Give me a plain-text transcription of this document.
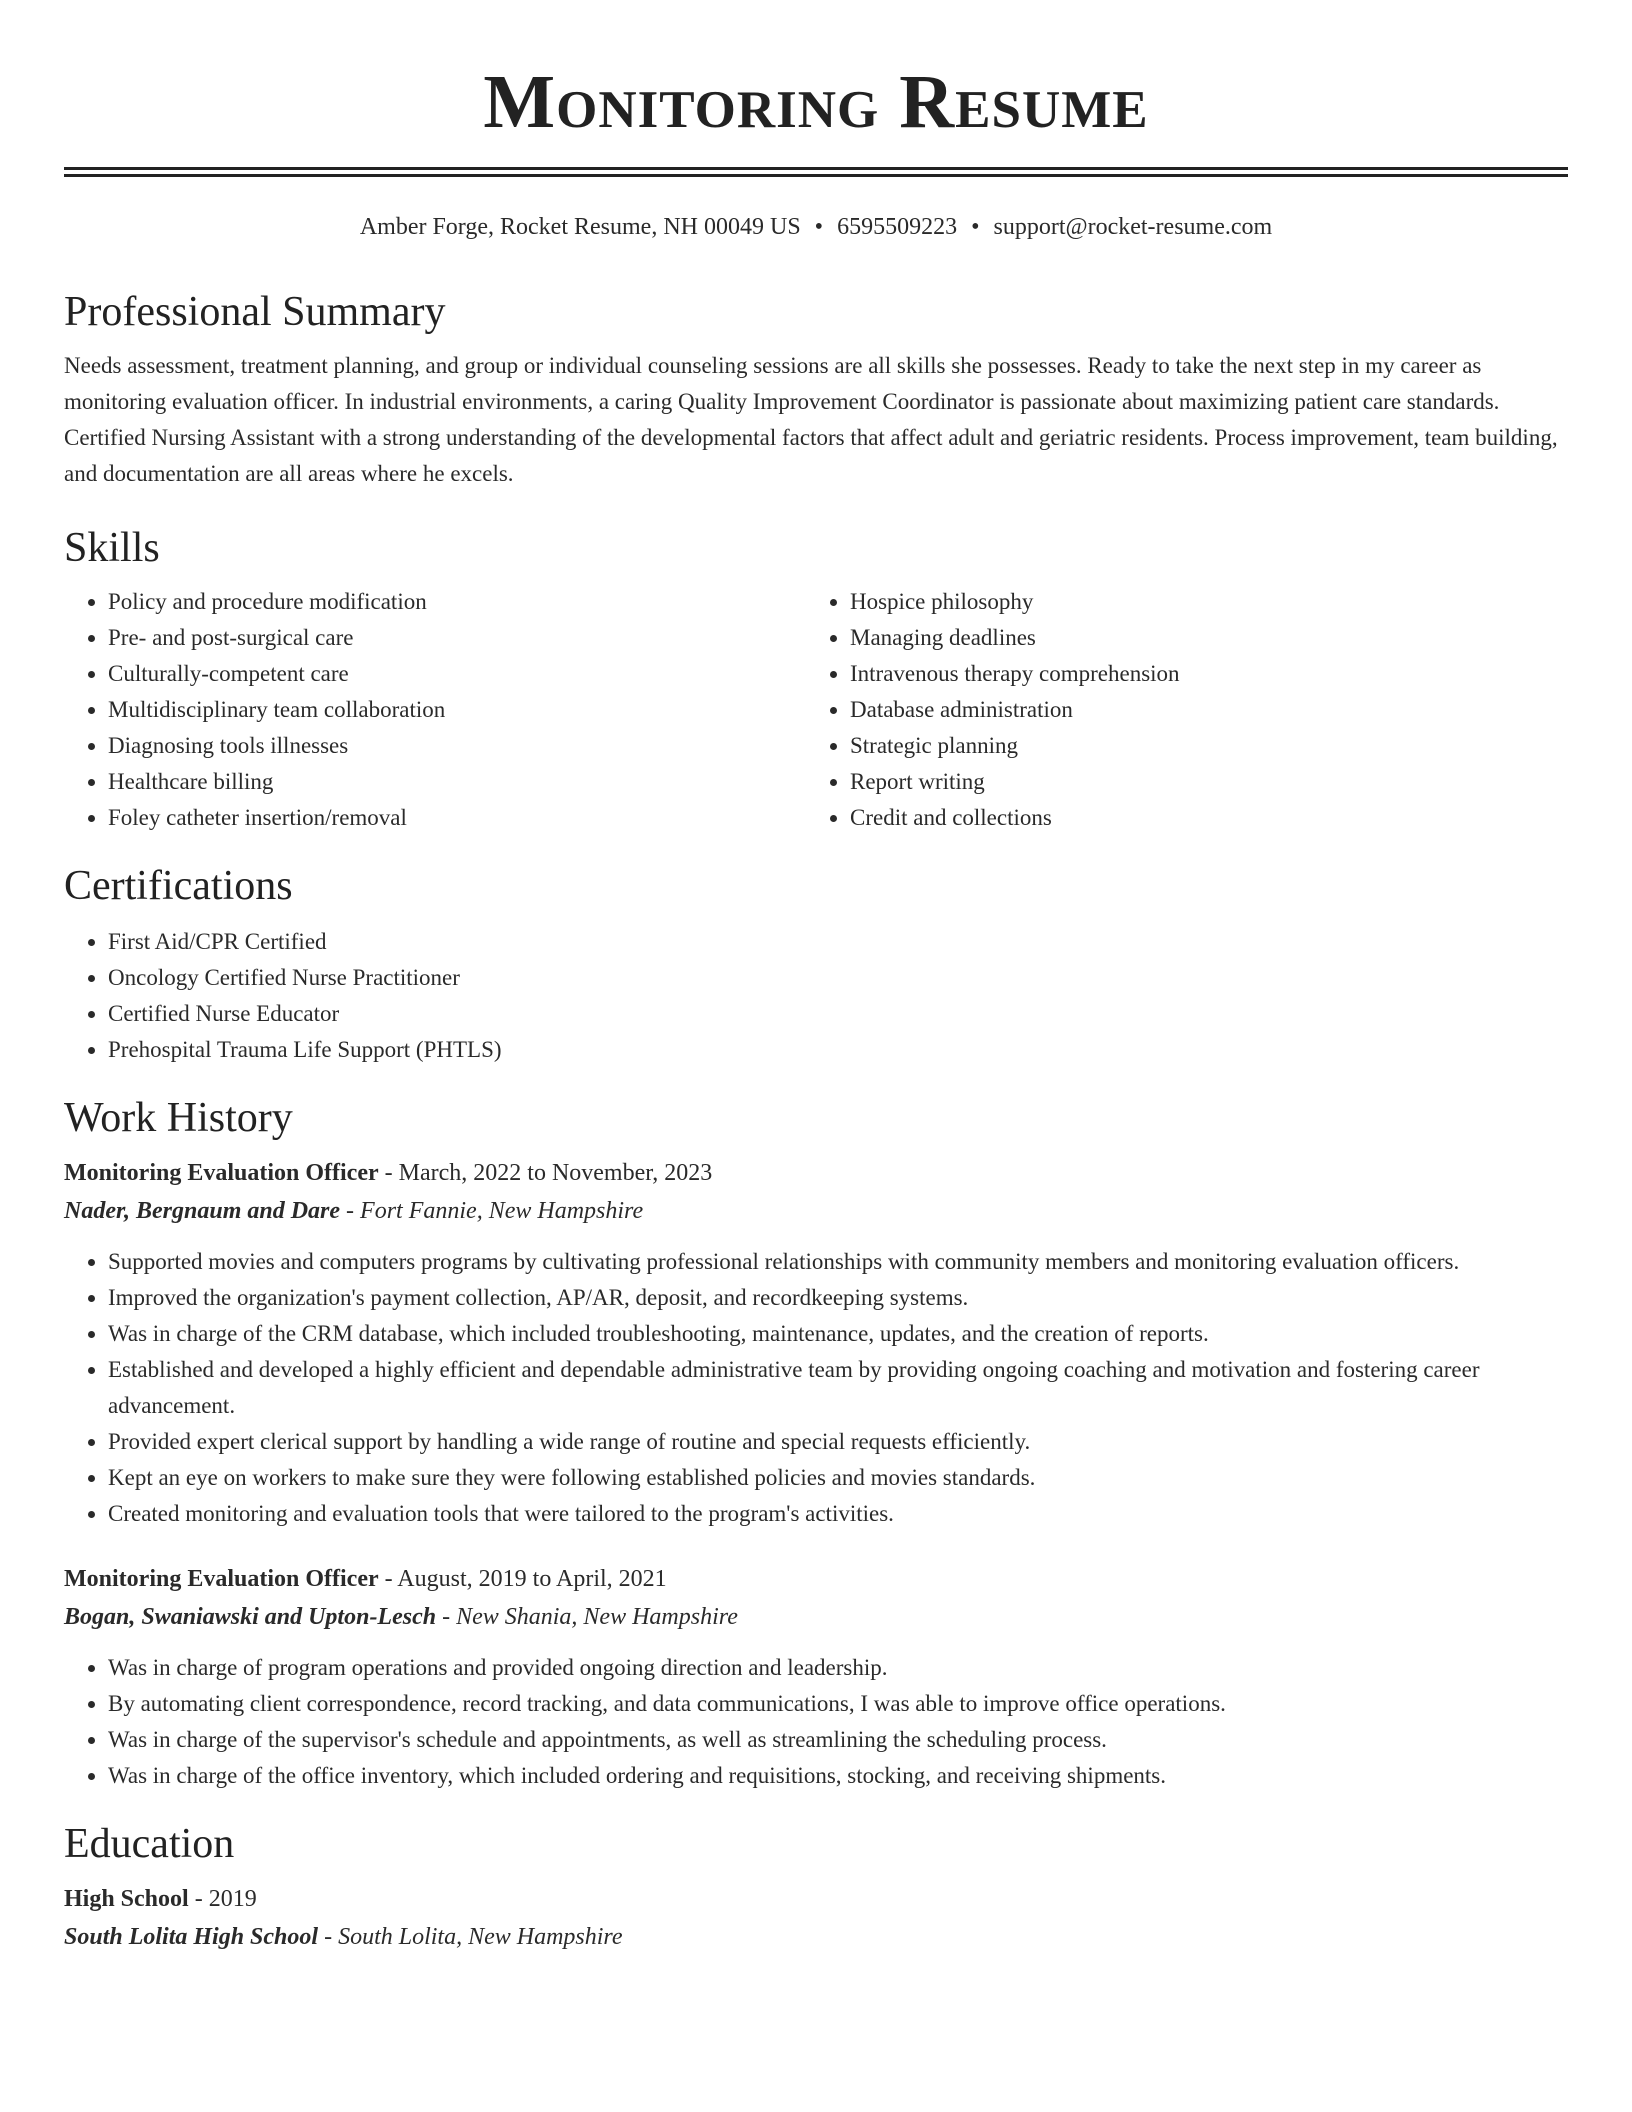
Monitoring Resume
Amber Forge, Rocket Resume, NH 00049 US • 6595509223 • support@rocket-resume.com
Professional Summary

Needs assessment, treatment planning, and group or individual counseling sessions are all skills she possesses. Ready to take the next step in my career as monitoring evaluation officer. In industrial environments, a caring Quality Improvement Coordinator is passionate about maximizing patient care standards. Certified Nursing Assistant with a strong understanding of the developmental factors that affect adult and geriatric residents. Process improvement, team building, and documentation are all areas where he excels.

Skills
• Policy and procedure modification
• Pre- and post-surgical care
• Culturally-competent care
• Multidisciplinary team collaboration
• Diagnosing tools illnesses
• Healthcare billing
• Foley catheter insertion/removal
• Hospice philosophy
• Managing deadlines
• Intravenous therapy comprehension
• Database administration
• Strategic planning
• Report writing
• Credit and collections
Certifications
• First Aid/CPR Certified
• Oncology Certified Nurse Practitioner
• Certified Nurse Educator
• Prehospital Trauma Life Support (PHTLS)
Work History
Monitoring Evaluation Officer - March, 2022 to November, 2023
Nader, Bergnaum and Dare - Fort Fannie, New Hampshire
• Supported movies and computers programs by cultivating professional relationships with community members and monitoring evaluation officers.
• Improved the organization's payment collection, AP/AR, deposit, and recordkeeping systems.
• Was in charge of the CRM database, which included troubleshooting, maintenance, updates, and the creation of reports.
• Established and developed a highly efficient and dependable administrative team by providing ongoing coaching and motivation and fostering career advancement.
• Provided expert clerical support by handling a wide range of routine and special requests efficiently.
• Kept an eye on workers to make sure they were following established policies and movies standards.
• Created monitoring and evaluation tools that were tailored to the program's activities.
Monitoring Evaluation Officer - August, 2019 to April, 2021
Bogan, Swaniawski and Upton-Lesch - New Shania, New Hampshire
• Was in charge of program operations and provided ongoing direction and leadership.
• By automating client correspondence, record tracking, and data communications, I was able to improve office operations.
• Was in charge of the supervisor's schedule and appointments, as well as streamlining the scheduling process.
• Was in charge of the office inventory, which included ordering and requisitions, stocking, and receiving shipments.
Education
High School - 2019
South Lolita High School - South Lolita, New Hampshire
